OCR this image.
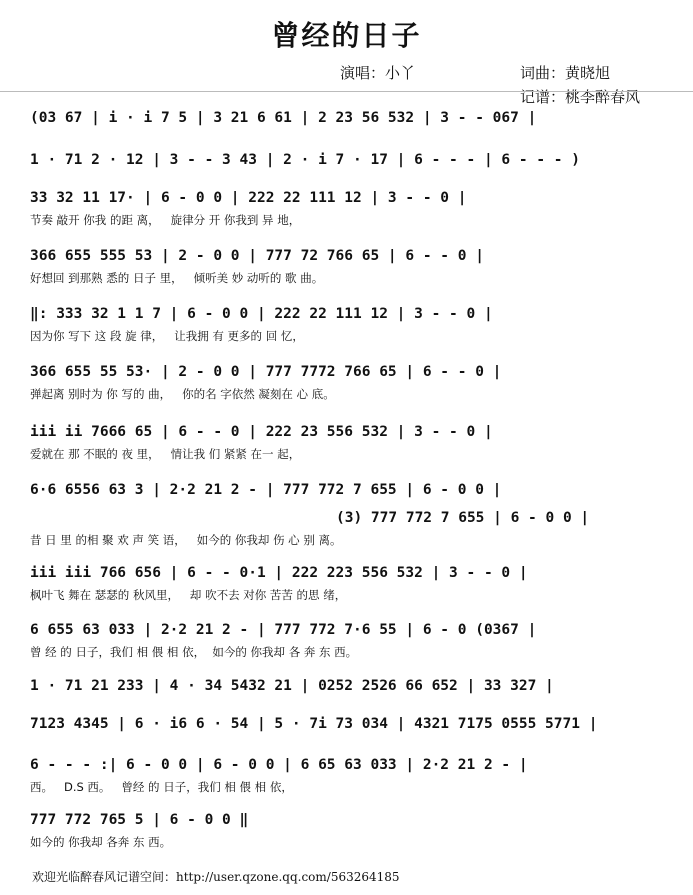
曾经的日子
演唱：小丫	词曲：黄晓旭
记谱：桃李醉春风
(03 67 | i · i 7 5 | 3 21 6 61 | 2 23 56 532 | 3 - - 067 |
1 · 71 2 · 12 | 3 - - 3 43 | 2 · i 7 · 17 | 6 - - - | 6 - - - )
33 32 11 17· | 6 - 0 0 | 222 22 111 12 | 3 - - 0 |
节奏 敲开 你我 的距 离，   旋律分 开 你我到 异 地，
366 655 555 53 | 2 - 0 0 | 777 72 766 65 | 6 - - 0 |
好想回 到那熟 悉的 日子 里，   倾听美 妙 动听的 歌 曲。
‖: 333 32 1 1 7 | 6 - 0 0 | 222 22 111 12 | 3 - - 0 |
因为你 写下 这 段 旋 律，   让我拥 有 更多的 回 忆，
366 655 55 53· | 2 - 0 0 | 777 7772 766 65 | 6 - - 0 |
弹起离 别时为 你 写的 曲，   你的名 字依然 凝刻在 心 底。
iii ii 7666 65 | 6 - - 0 | 222 23 556 532 | 3 - - 0 |
爱就在 那 不眠的 夜 里，   情让我 们 紧紧 在一 起，
6·6 6556 63 3 | 2·2 21 2 - | 777 772 7 655 | 6 - 0 0 |
(3) 777 772 7 655 | 6 - 0 0 |
昔 日 里 的相 聚 欢 声 笑 语，   如今的 你我却 伤 心 别 离。
iii iii 766 656 | 6 - - 0·1 | 222 223 556 532 | 3 - - 0 |
枫叶飞 舞在 瑟瑟的 秋风里，   却 吹不去 对你 苦苦 的思 绪，
6 655 63 033 | 2·2 21 2 - | 777 772 7·6 55 | 6 - 0 (0367 |
曾 经 的 日子，我们 相 偎 相 依，  如今的 你我却 各 奔 东 西。
1 · 71 21 233 | 4 · 34 5432 21 | 0252 2526 66 652 | 33 327 |
7123 4345 | 6 · i6 6 · 54 | 5 · 7i 73 034 | 4321 7175 0555 5771 |
6 - - - :| 6 - 0 0 | 6 - 0 0 | 6 65 63 033 | 2·2 21 2 - |
西。   D.S 西。   曾经 的 日子，我们 相 偎 相 依，
777 772 765 5 | 6 - 0 0 ‖
如今的 你我却 各奔 东 西。
欢迎光临醉春风记谱空间：http://user.qzone.qq.com/563264185
